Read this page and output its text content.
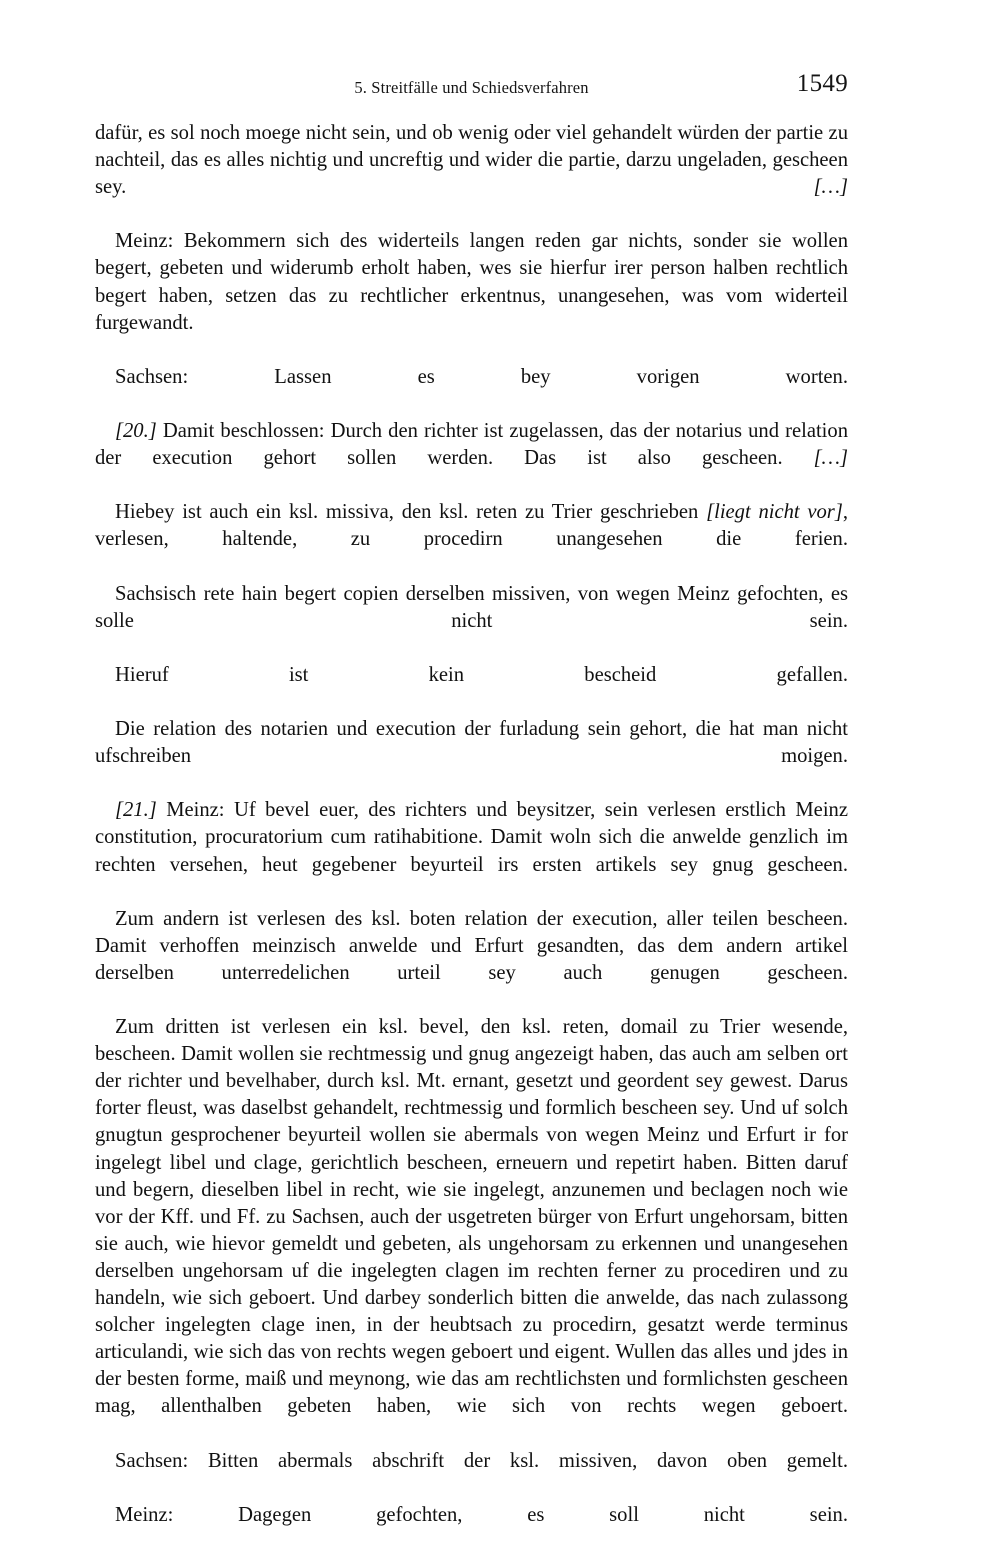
5. Streitfälle und Schiedsverfahren	1549

dafür, es sol noch moege nicht sein, und ob wenig oder viel gehandelt würden der partie zu nachteil, das es alles nichtig und uncreftig und wider die partie, darzu ungeladen, gescheen sey. […]

Meinz: Bekommern sich des widerteils langen reden gar nichts, sonder sie wollen begert, gebeten und widerumb erholt haben, wes sie hierfur irer person halben rechtlich begert haben, setzen das zu rechtlicher erkentnus, unangesehen, was vom widerteil furgewandt.

Sachsen: Lassen es bey vorigen worten.

[20.] Damit beschlossen: Durch den richter ist zugelassen, das der notarius und relation der execution gehort sollen werden. Das ist also gescheen. […]

Hiebey ist auch ein ksl. missiva, den ksl. reten zu Trier geschrieben [liegt nicht vor], verlesen, haltende, zu procedirn unangesehen die ferien.

Sachsisch rete hain begert copien derselben missiven, von wegen Meinz gefochten, es solle nicht sein.

Hieruf ist kein bescheid gefallen.

Die relation des notarien und execution der furladung sein gehort, die hat man nicht ufschreiben moigen.

[21.] Meinz: Uf bevel euer, des richters und beysitzer, sein verlesen erstlich Meinz constitution, procuratorium cum ratihabitione. Damit woln sich die anwelde genzlich im rechten versehen, heut gegebener beyurteil irs ersten artikels sey gnug gescheen.

Zum andern ist verlesen des ksl. boten relation der execution, aller teilen bescheen. Damit verhoffen meinzisch anwelde und Erfurt gesandten, das dem andern artikel derselben unterredelichen urteil sey auch genugen gescheen.

Zum dritten ist verlesen ein ksl. bevel, den ksl. reten, domail zu Trier wesende, bescheen. Damit wollen sie rechtmessig und gnug angezeigt haben, das auch am selben ort der richter und bevelhaber, durch ksl. Mt. ernant, gesetzt und geordent sey gewest. Darus forter fleust, was daselbst gehandelt, rechtmessig und formlich bescheen sey. Und uf solch gnugtun gesprochener beyurteil wollen sie abermals von wegen Meinz und Erfurt ir for ingelegt libel und clage, gerichtlich bescheen, erneuern und repetirt haben. Bitten daruf und begern, dieselben libel in recht, wie sie ingelegt, anzunemen und beclagen noch wie vor der Kff. und Ff. zu Sachsen, auch der usgetreten bürger von Erfurt ungehorsam, bitten sie auch, wie hievor gemeldt und gebeten, als ungehorsam zu erkennen und unangesehen derselben ungehorsam uf die ingelegten clagen im rechten ferner zu procediren und zu handeln, wie sich geboert. Und darbey sonderlich bitten die anwelde, das nach zulassong solcher ingelegten clage inen, in der heubtsach zu procedirn, gesatzt werde terminus articulandi, wie sich das von rechts wegen geboert und eigent. Wullen das alles und jdes in der besten forme, maiß und meynong, wie das am rechtlichsten und formlichsten gescheen mag, allenthalben gebeten haben, wie sich von rechts wegen geboert.

Sachsen: Bitten abermals abschrift der ksl. missiven, davon oben gemelt.

Meinz: Dagegen gefochten, es soll nicht sein.
